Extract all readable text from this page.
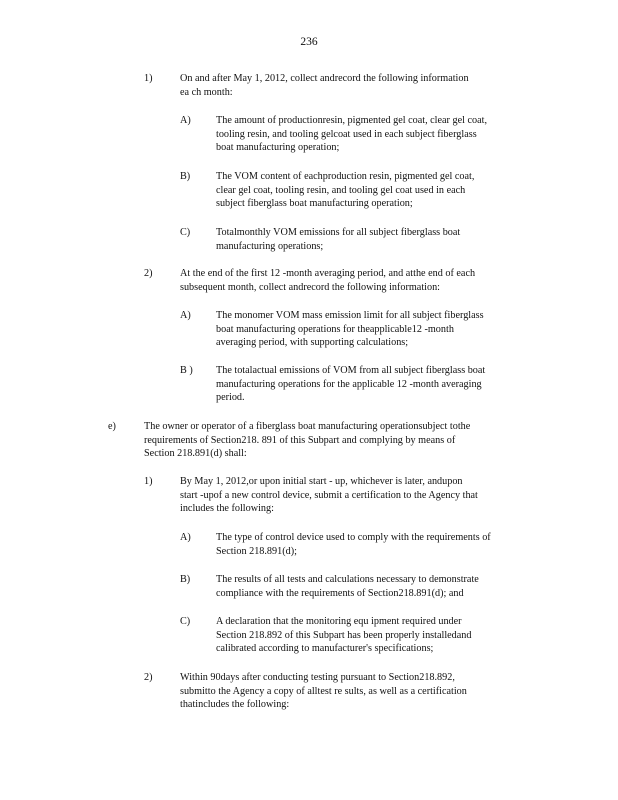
236
1)	On and after May 1, 2012, collect andrecord the following information
ea ch month:
A)	The amount of productionresin, pigmented gel coat, clear gel coat,
tooling resin, and tooling gelcoat used in each subject fiberglass
boat manufacturing operation;
B)	The VOM content of eachproduction resin, pigmented gel coat,
clear gel coat, tooling resin, and tooling gel coat used in each
subject fiberglass boat manufacturing operation;
C)	Totalmonthly VOM emissions for all subject fiberglass boat
manufacturing operations;
2)	At the end of the first 12 -month averaging period, and atthe end of each
subsequent month, collect andrecord the following information:
A)	The monomer VOM mass emission limit for all subject fiberglass
boat manufacturing operations for theapplicable12 -month
averaging period, with supporting calculations;
B )	The totalactual emissions of VOM from all subject fiberglass boat
manufacturing operations for the applicable 12 -month averaging
period.
e)	The owner or operator of a fiberglass boat manufacturing operationsubject tothe
requirements of Section218. 891 of this Subpart and complying by means of
Section 218.891(d) shall:
1)	By May 1, 2012,or upon initial start - up, whichever is later, andupon
start -upof a new control device, submit a certification to the Agency that
includes the following:
A)	The type of control device used to comply with the requirements of
Section 218.891(d);
B)	The results of all tests and calculations necessary to demonstrate
compliance with the requirements of Section218.891(d); and
C)	A declaration that the monitoring equ ipment required under
Section 218.892 of this Subpart has been properly installedand
calibrated according to manufacturer's specifications;
2)	Within 90days after conducting testing pursuant to Section218.892,
submitto the Agency a copy of alltest re sults, as well as a certification
thatincludes the following:
